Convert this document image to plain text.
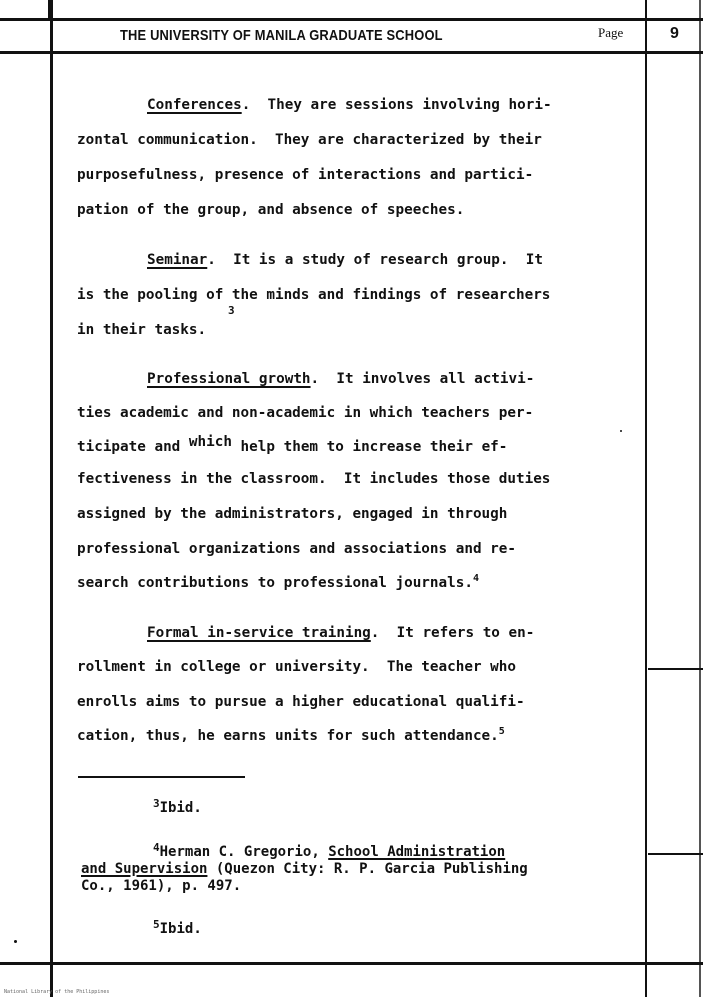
THE UNIVERSITY OF MANILA GRADUATE SCHOOL	Page	9
Conferences.  They are sessions involving hori-
zontal communication.  They are characterized by their
purposefulness, presence of interactions and partici-
pation of the group, and absence of speeches.
Seminar.  It is a study of research group.  It
is the pooling of the minds and findings of researchers
3
in their tasks.
Professional growth.  It involves all activi-
ties academic and non-academic in which teachers per-
ticipate and which help them to increase their ef-
fectiveness in the classroom.  It includes those duties
assigned by the administrators, engaged in through
professional organizations and associations and re-
search contributions to professional journals.$^4$
Formal in-service training.  It refers to en-
rollment in college or university.  The teacher who
enrolls aims to pursue a higher educational qualifi-
cation, thus, he earns units for such attendance.$^5$
$^3$Ibid.
$^4$Herman C. Gregorio, School Administration
and Supervision (Quezon City: R. P. Garcia Publishing
Co., 1961), p. 497.
$^5$Ibid.
National Library of the Philippines
